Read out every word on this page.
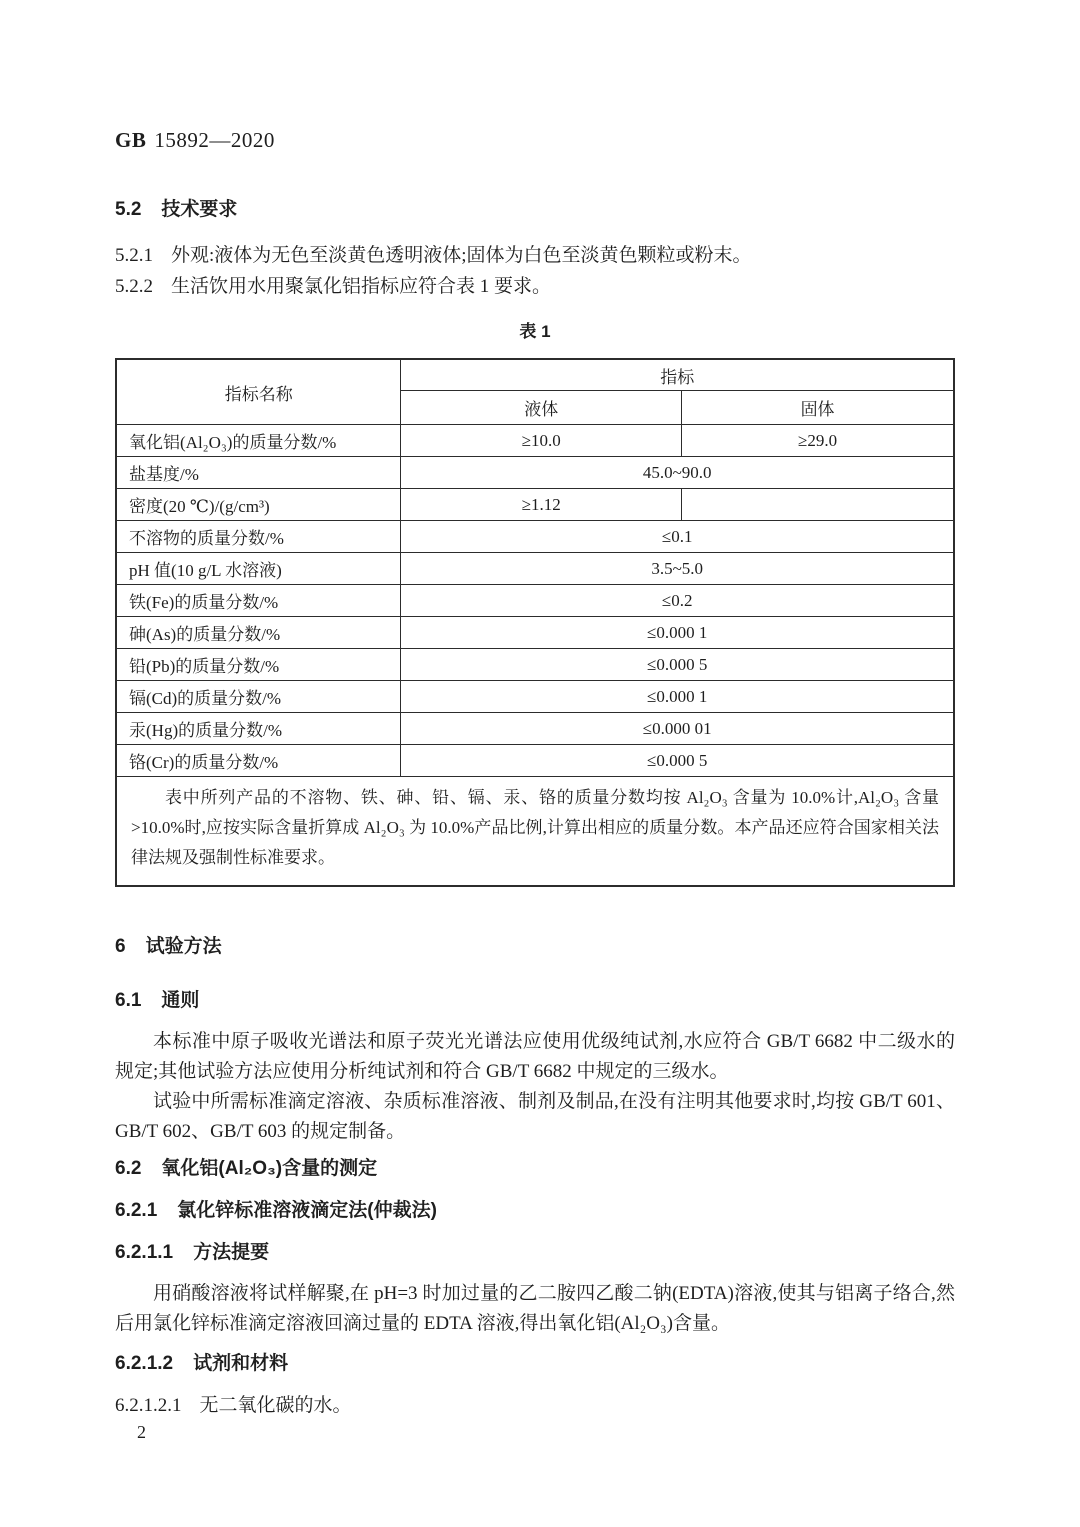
GB 15892—2020
5.2 技术要求
5.2.1 外观:液体为无色至淡黄色透明液体;固体为白色至淡黄色颗粒或粉末。
5.2.2 生活饮用水用聚氯化铝指标应符合表 1 要求。
表 1
指标名称	指标	
	液体	固体
氧化铝(Al₂O₃)的质量分数/%	≥10.0	≥29.0
盐基度/%	45.0~90.0	
密度(20 ℃)/(g/cm³)	≥1.12	
不溶物的质量分数/%	≤0.1	
pH 值(10 g/L 水溶液)	3.5~5.0	
铁(Fe)的质量分数/%	≤0.2	
砷(As)的质量分数/%	≤0.000 1	
铅(Pb)的质量分数/%	≤0.000 5	
镉(Cd)的质量分数/%	≤0.000 1	
汞(Hg)的质量分数/%	≤0.000 01	
铬(Cr)的质量分数/%	≤0.000 5	

表中所列产品的不溶物、铁、砷、铅、镉、汞、铬的质量分数均按 Al₂O₃ 含量为 10.0%计,Al₂O₃ 含量>10.0%时,应按实际含量折算成 Al₂O₃ 为 10.0%产品比例,计算出相应的质量分数。本产品还应符合国家相关法律法规及强制性标准要求。		
6 试验方法
6.1 通则
本标准中原子吸收光谱法和原子荧光光谱法应使用优级纯试剂,水应符合 GB/T 6682 中二级水的规定;其他试验方法应使用分析纯试剂和符合 GB/T 6682 中规定的三级水。
试验中所需标准滴定溶液、杂质标准溶液、制剂及制品,在没有注明其他要求时,均按 GB/T 601、GB/T 602、GB/T 603 的规定制备。
6.2 氧化铝(Al₂O₃)含量的测定
6.2.1 氯化锌标准溶液滴定法(仲裁法)
6.2.1.1 方法提要
用硝酸溶液将试样解聚,在 pH=3 时加过量的乙二胺四乙酸二钠(EDTA)溶液,使其与铝离子络合,然后用氯化锌标准滴定溶液回滴过量的 EDTA 溶液,得出氧化铝(Al₂O₃)含量。
6.2.1.2 试剂和材料
6.2.1.2.1 无二氧化碳的水。
2
